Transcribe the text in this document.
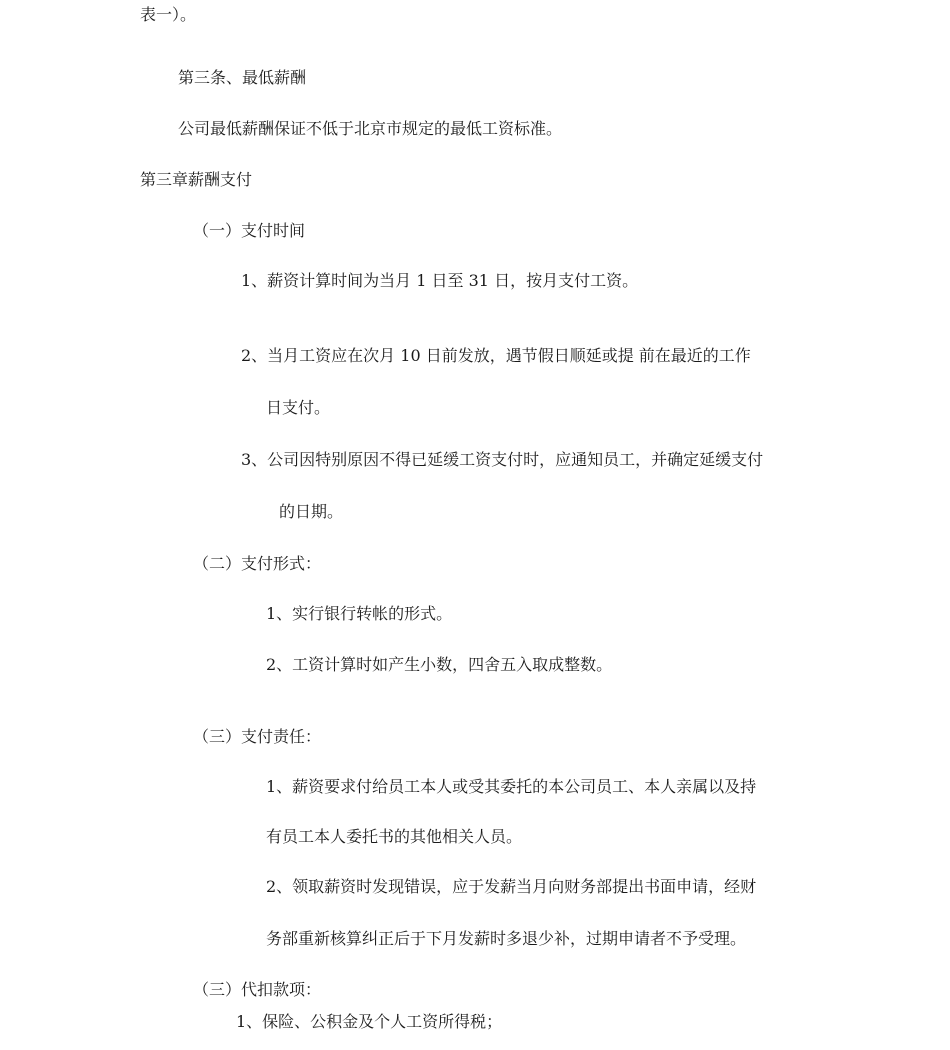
表一）。
第三条、最低薪酬
公司最低薪酬保证不低于北京市规定的最低工资标准。
第三章薪酬支付
（一）支付时间
1、薪资计算时间为当月 1 日至 31 日，按月支付工资。
2、当月工资应在次月 10 日前发放，遇节假日顺延或提 前在最近的工作
日支付。
3、公司因特别原因不得已延缓工资支付时，应通知员工，并确定延缓支付
的日期。
（二）支付形式：
1、实行银行转帐的形式。
2、工资计算时如产生小数，四舍五入取成整数。
（三）支付责任：
1、薪资要求付给员工本人或受其委托的本公司员工、本人亲属以及持
有员工本人委托书的其他相关人员。
2、领取薪资时发现错误，应于发薪当月向财务部提出书面申请，经财
务部重新核算纠正后于下月发薪时多退少补，过期申请者不予受理。
（三）代扣款项：
1、保险、公积金及个人工资所得税；
